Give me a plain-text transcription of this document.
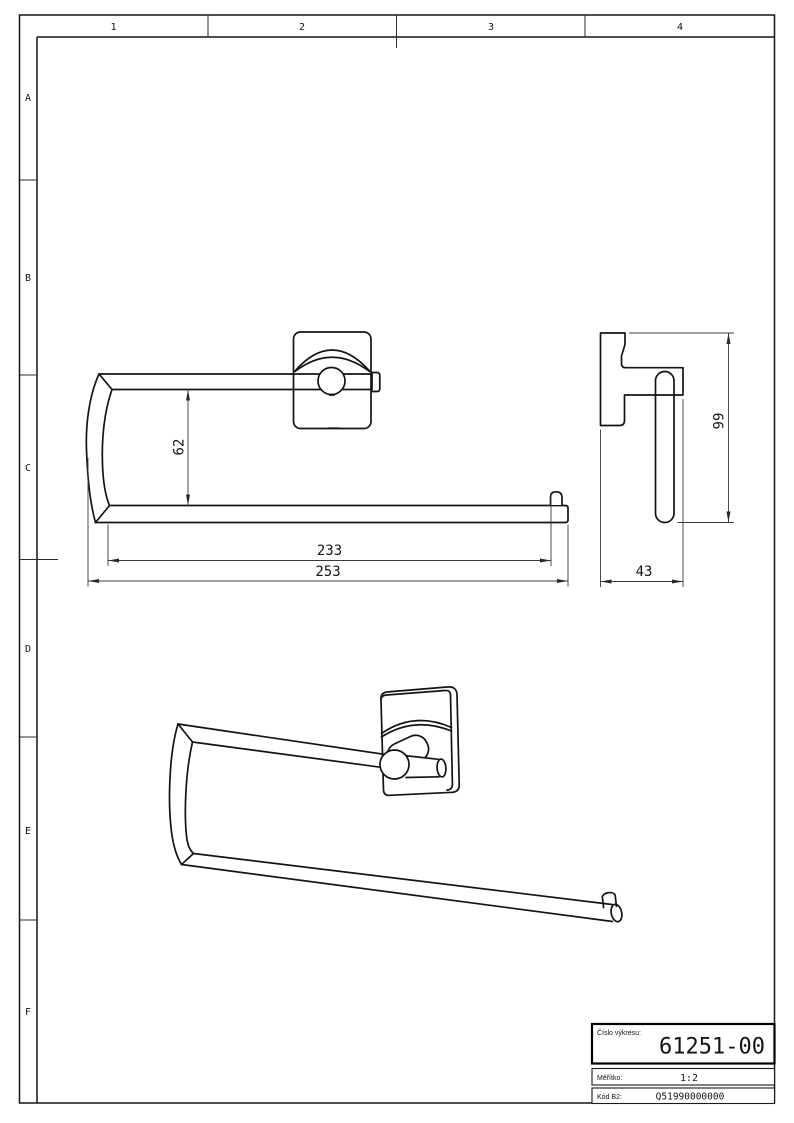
1	2	3	4
A
B
C
D
E
F
62
233
253
99
43
Číslo výkresu:
61251-00
Měřítko:	1:2
Kód B2:	Q51990000000
